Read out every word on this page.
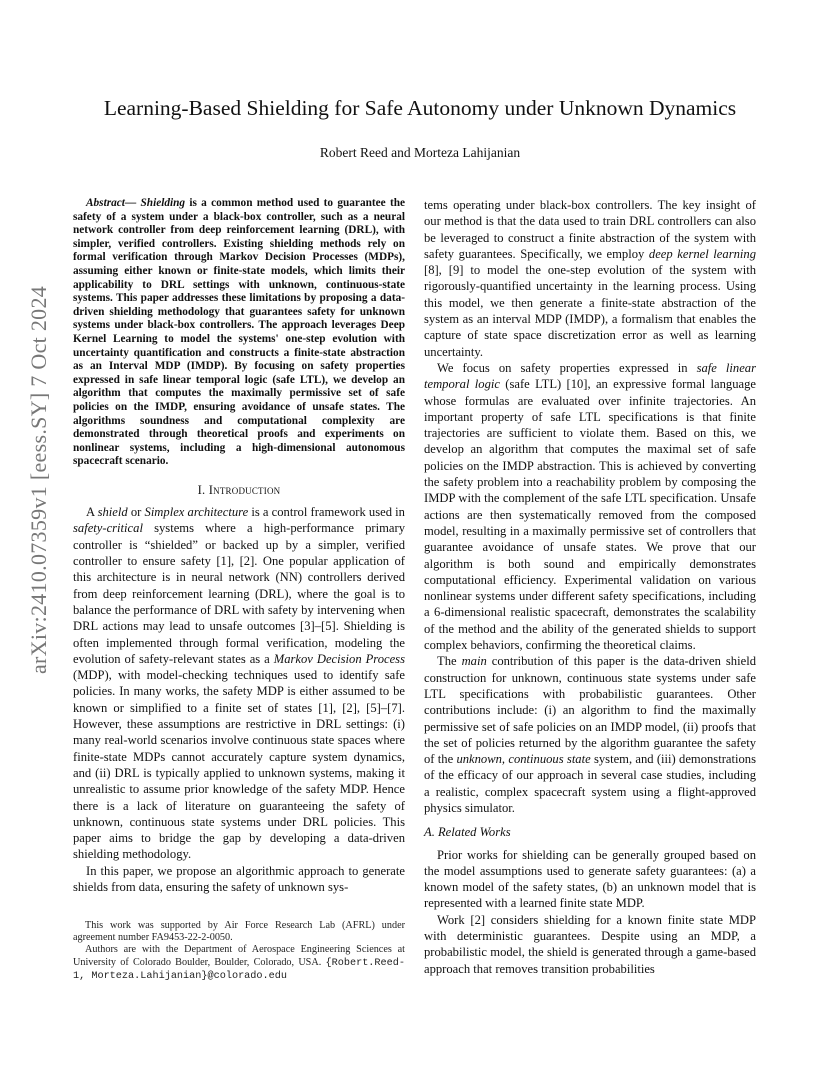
arXiv:2410.07359v1 [eess.SY] 7 Oct 2024
Learning-Based Shielding for Safe Autonomy under Unknown Dynamics
Robert Reed and Morteza Lahijanian

Abstract— Shielding is a common method used to guarantee the safety of a system under a black-box controller, such as a neural network controller from deep reinforcement learning (DRL), with simpler, verified controllers. Existing shielding methods rely on formal verification through Markov Decision Processes (MDPs), assuming either known or finite-state models, which limits their applicability to DRL settings with unknown, continuous-state systems. This paper addresses these limitations by proposing a data-driven shielding methodology that guarantees safety for unknown systems under black-box controllers. The approach leverages Deep Kernel Learning to model the systems' one-step evolution with uncertainty quantification and constructs a finite-state abstraction as an Interval MDP (IMDP). By focusing on safety properties expressed in safe linear temporal logic (safe LTL), we develop an algorithm that computes the maximally permissive set of safe policies on the IMDP, ensuring avoidance of unsafe states. The algorithms soundness and computational complexity are demonstrated through theoretical proofs and experiments on nonlinear systems, including a high-dimensional autonomous spacecraft scenario.

I. Introduction

A shield or Simplex architecture is a control framework used in safety-critical systems where a high-performance primary controller is “shielded” or backed up by a simpler, verified controller to ensure safety [1], [2]. One popular application of this architecture is in neural network (NN) controllers derived from deep reinforcement learning (DRL), where the goal is to balance the performance of DRL with safety by intervening when DRL actions may lead to unsafe outcomes [3]–[5]. Shielding is often implemented through formal verification, modeling the evolution of safety-relevant states as a Markov Decision Process (MDP), with model-checking techniques used to identify safe policies. In many works, the safety MDP is either assumed to be known or simplified to a finite set of states [1], [2], [5]–[7]. However, these assumptions are restrictive in DRL settings: (i) many real-world scenarios involve continuous state spaces where finite-state MDPs cannot accurately capture system dynamics, and (ii) DRL is typically applied to unknown systems, making it unrealistic to assume prior knowledge of the safety MDP. Hence there is a lack of literature on guaranteeing the safety of unknown, continuous state systems under DRL policies. This paper aims to bridge the gap by developing a data-driven shielding methodology.

In this paper, we propose an algorithmic approach to generate shields from data, ensuring the safety of unknown sys-

This work was supported by Air Force Research Lab (AFRL) under agreement number FA9453-22-2-0050.

Authors are with the Department of Aerospace Engineering Sciences at University of Colorado Boulder, Boulder, Colorado, USA. {Robert.Reed-1, Morteza.Lahijanian}@colorado.edu

tems operating under black-box controllers. The key insight of our method is that the data used to train DRL controllers can also be leveraged to construct a finite abstraction of the system with safety guarantees. Specifically, we employ deep kernel learning [8], [9] to model the one-step evolution of the system with rigorously-quantified uncertainty in the learning process. Using this model, we then generate a finite-state abstraction of the system as an interval MDP (IMDP), a formalism that enables the capture of state space discretization error as well as learning uncertainty.

We focus on safety properties expressed in safe linear temporal logic (safe LTL) [10], an expressive formal language whose formulas are evaluated over infinite trajectories. An important property of safe LTL specifications is that finite trajectories are sufficient to violate them. Based on this, we develop an algorithm that computes the maximal set of safe policies on the IMDP abstraction. This is achieved by converting the safety problem into a reachability problem by composing the IMDP with the complement of the safe LTL specification. Unsafe actions are then systematically removed from the composed model, resulting in a maximally permissive set of controllers that guarantee avoidance of unsafe states. We prove that our algorithm is both sound and empirically demonstrates computational efficiency. Experimental validation on various nonlinear systems under different safety specifications, including a 6-dimensional realistic spacecraft, demonstrates the scalability of the method and the ability of the generated shields to support complex behaviors, confirming the theoretical claims.

The main contribution of this paper is the data-driven shield construction for unknown, continuous state systems under safe LTL specifications with probabilistic guarantees. Other contributions include: (i) an algorithm to find the maximally permissive set of safe policies on an IMDP model, (ii) proofs that the set of policies returned by the algorithm guarantee the safety of the unknown, continuous state system, and (iii) demonstrations of the efficacy of our approach in several case studies, including a realistic, complex spacecraft system using a flight-approved physics simulator.

A. Related Works

Prior works for shielding can be generally grouped based on the model assumptions used to generate safety guarantees: (a) a known model of the safety states, (b) an unknown model that is represented with a learned finite state MDP.

Work [2] considers shielding for a known finite state MDP with deterministic guarantees. Despite using an MDP, a probabilistic model, the shield is generated through a game-based approach that removes transition probabilities
